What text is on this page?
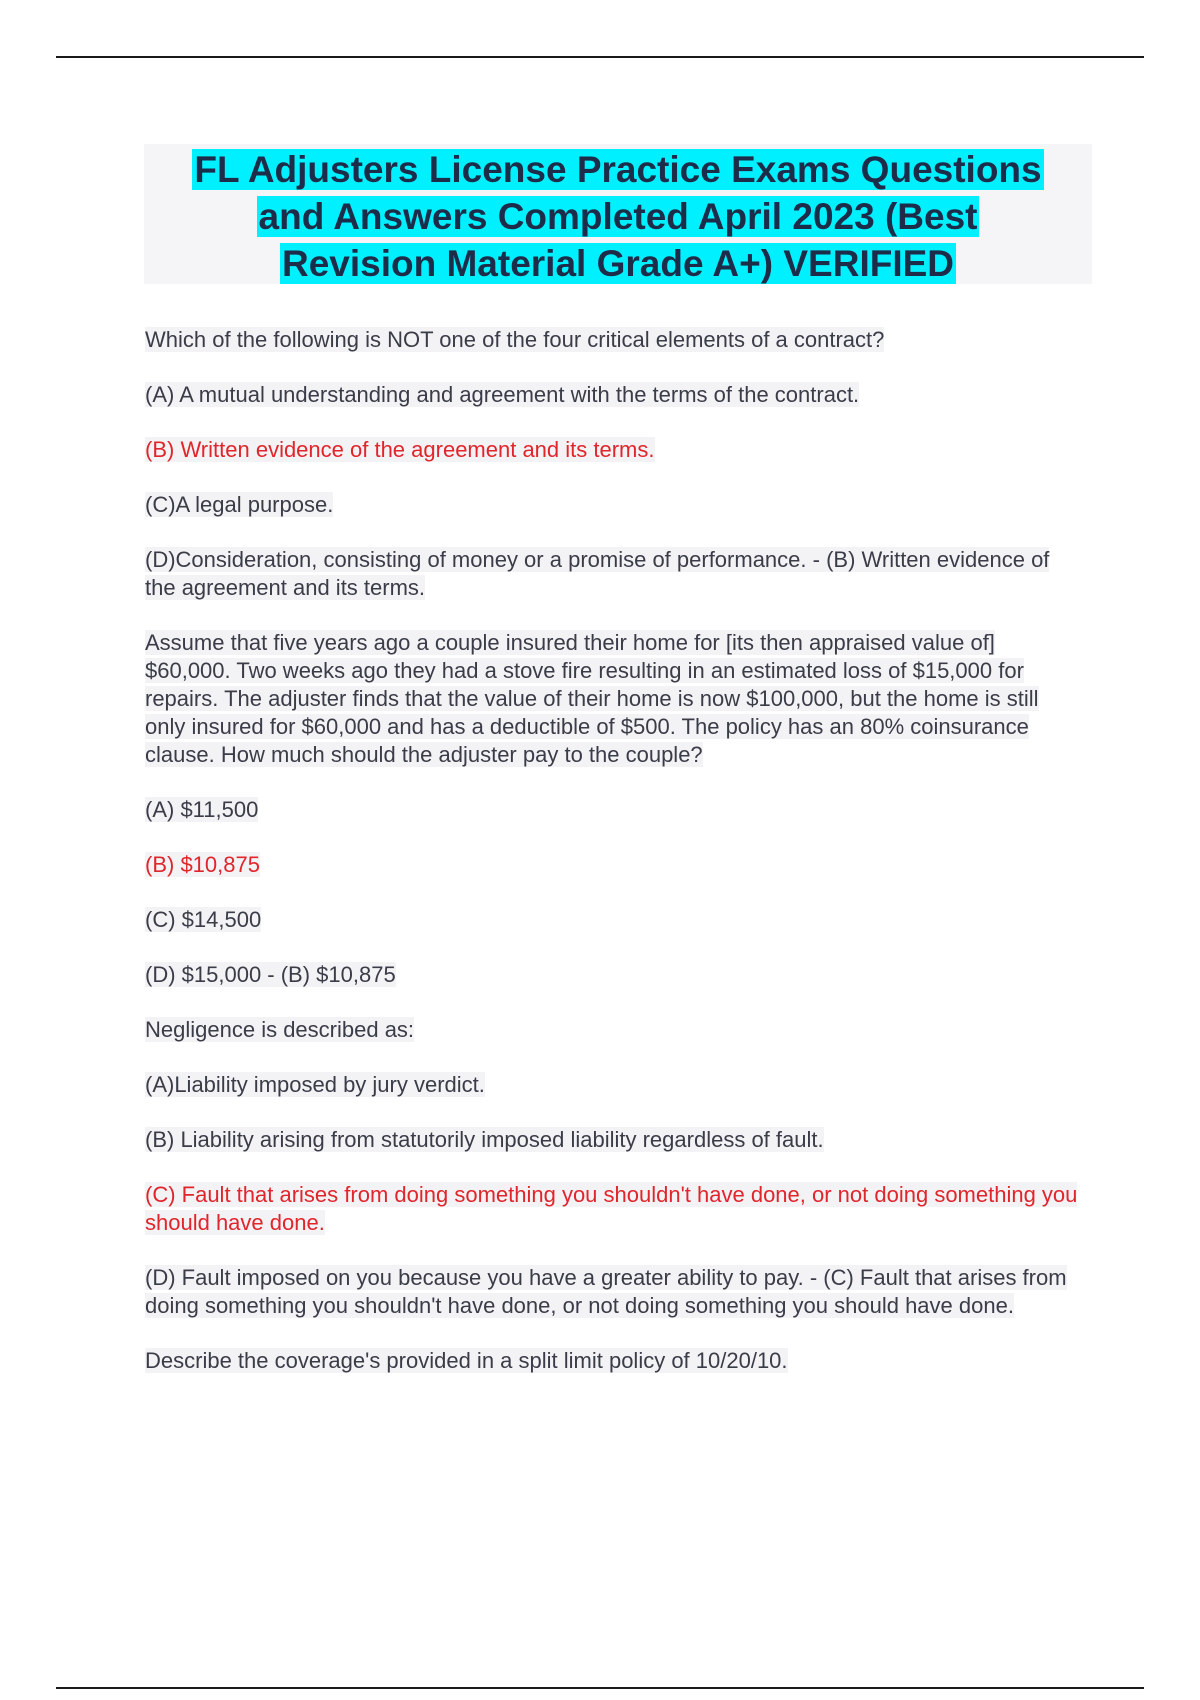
FL Adjusters License Practice Exams Questions
and Answers Completed April 2023 (Best
Revision Material Grade A+) VERIFIED

Which of the following is NOT one of the four critical elements of a contract?

(A) A mutual understanding and agreement with the terms of the contract.

(B) Written evidence of the agreement and its terms.

(C)A legal purpose.

(D)Consideration, consisting of money or a promise of performance. - (B) Written evidence of the agreement and its terms.

Assume that five years ago a couple insured their home for [its then appraised value of] $60,000. Two weeks ago they had a stove fire resulting in an estimated loss of $15,000 for repairs. The adjuster finds that the value of their home is now $100,000, but the home is still only insured for $60,000 and has a deductible of $500. The policy has an 80% coinsurance clause. How much should the adjuster pay to the couple?

(A) $11,500

(B) $10,875

(C) $14,500

(D) $15,000 - (B) $10,875

Negligence is described as:

(A)Liability imposed by jury verdict.

(B) Liability arising from statutorily imposed liability regardless of fault.

(C) Fault that arises from doing something you shouldn't have done, or not doing something you should have done.

(D) Fault imposed on you because you have a greater ability to pay. - (C) Fault that arises from doing something you shouldn't have done, or not doing something you should have done.

Describe the coverage's provided in a split limit policy of 10/20/10.
